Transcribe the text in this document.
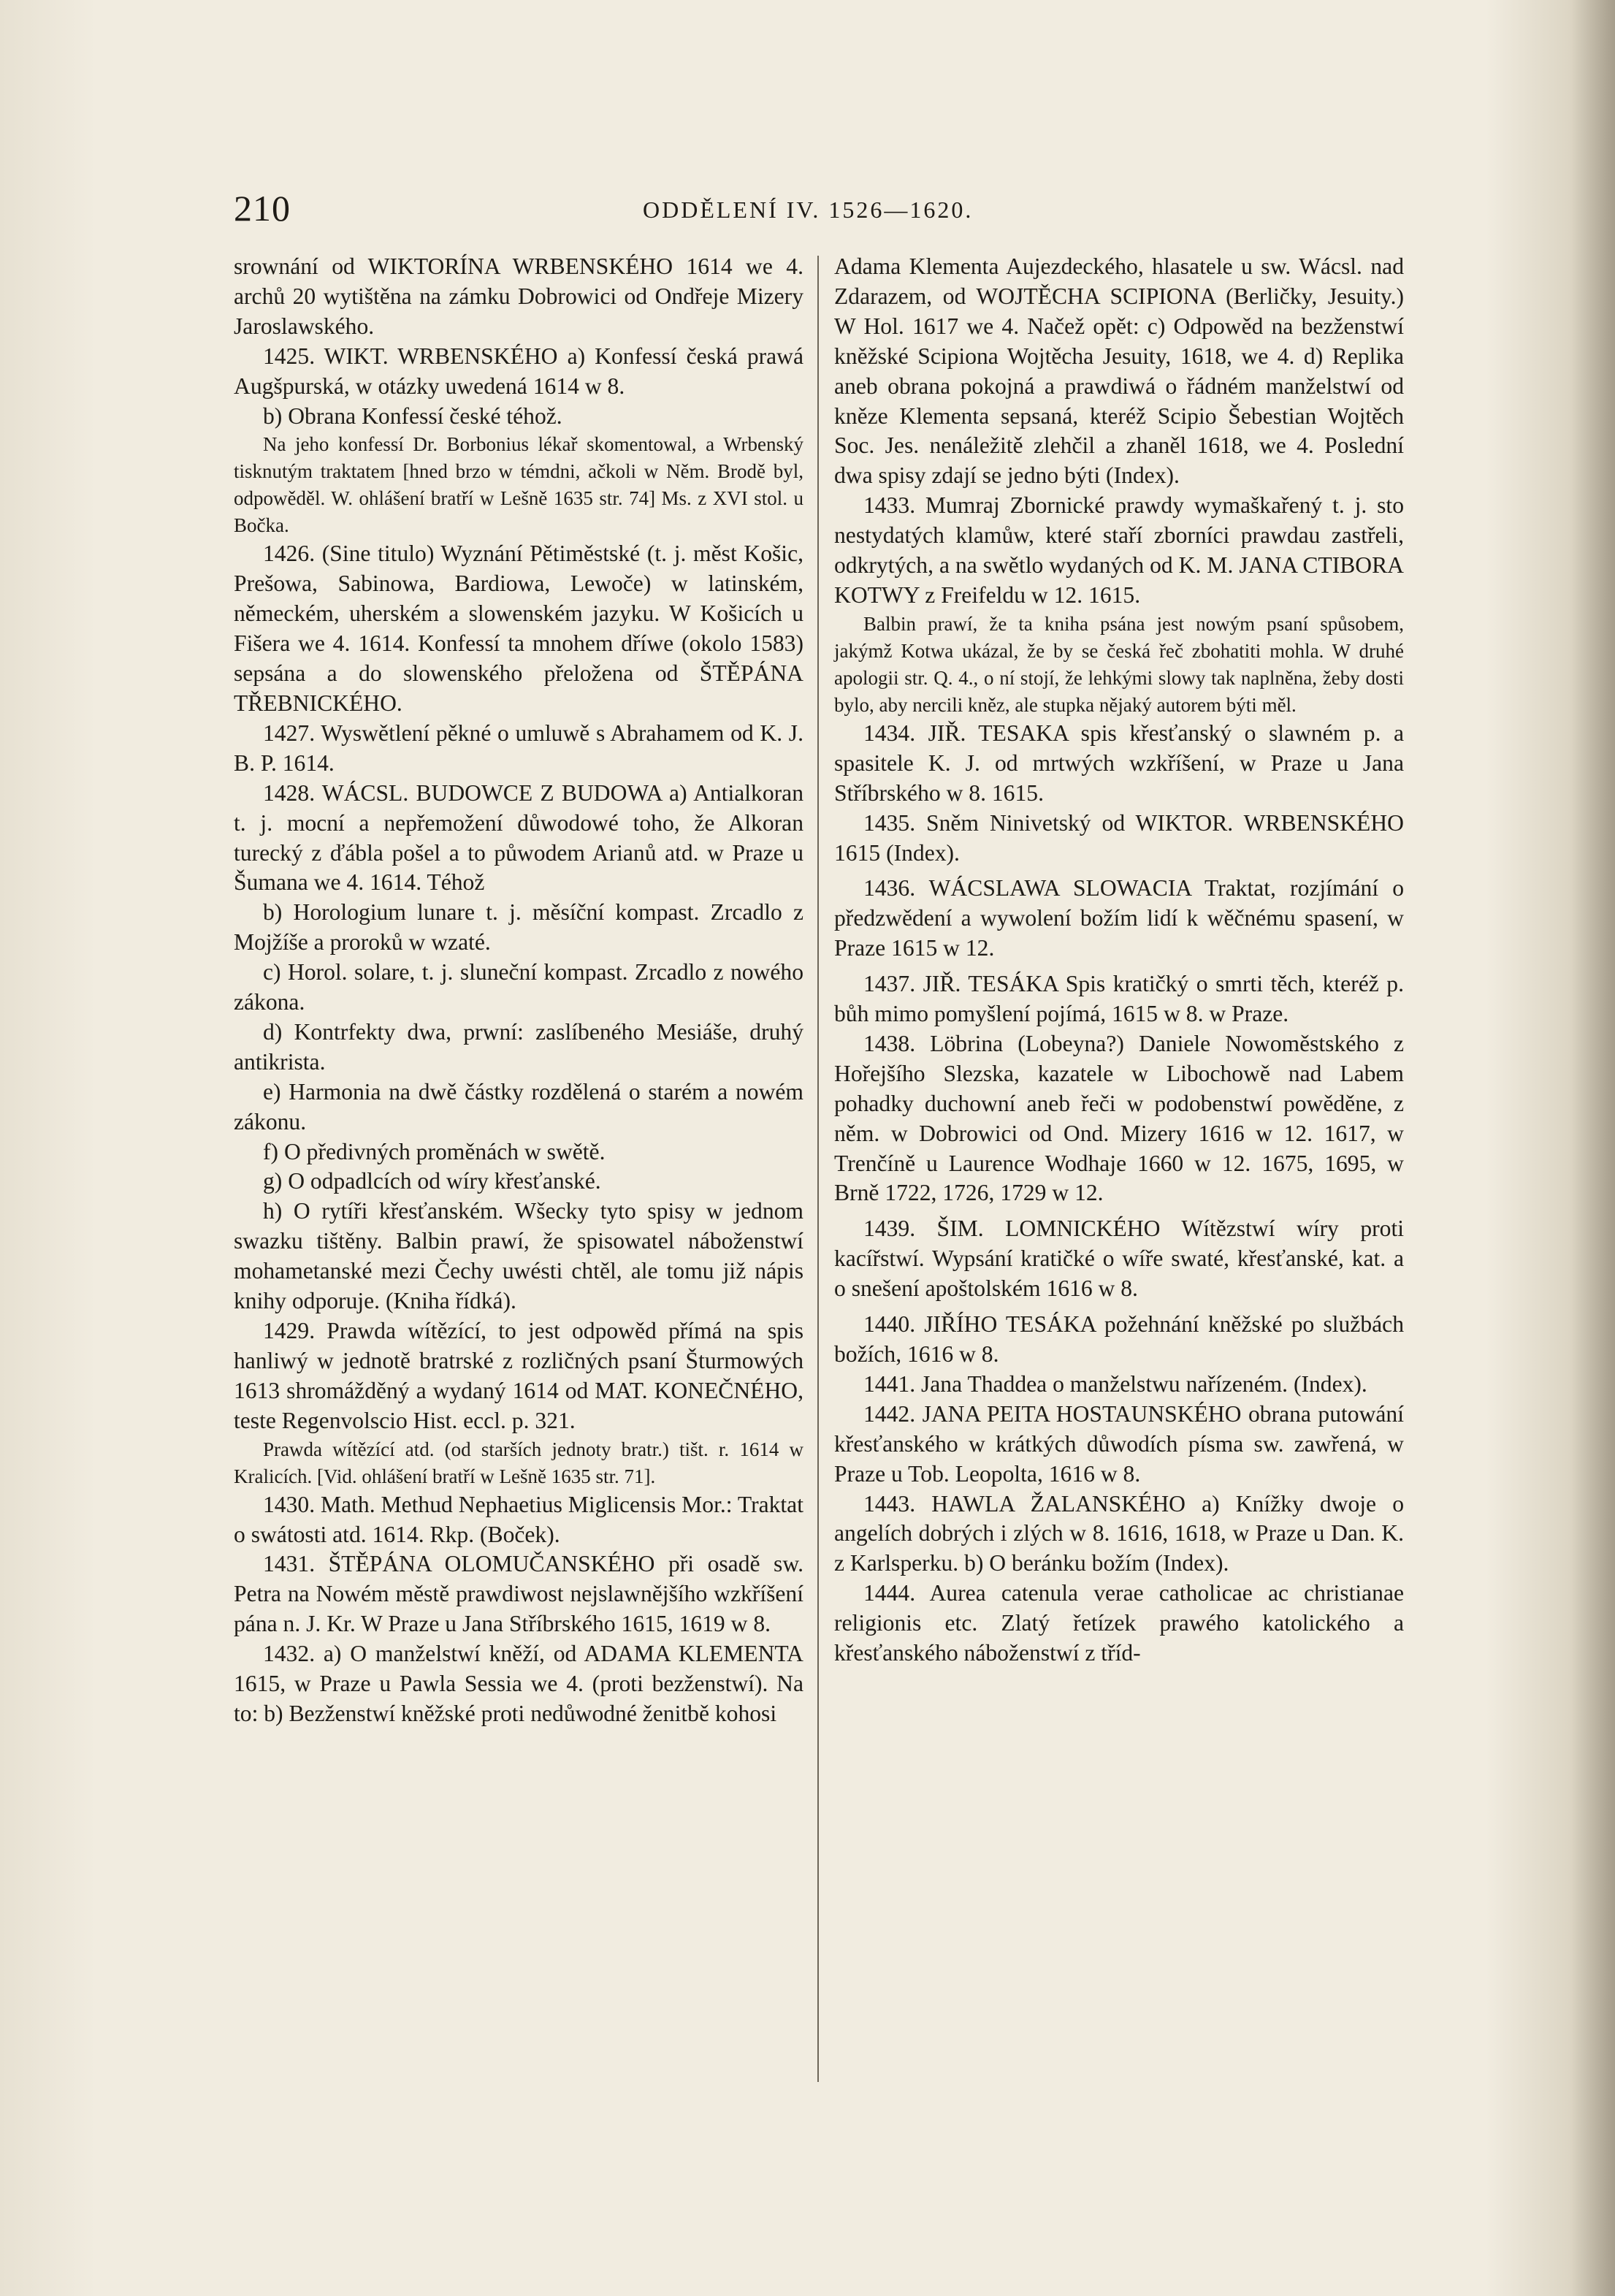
210	ODDĚLENÍ IV. 1526—1620.

srownání od WIKTORÍNA WRBENSKÉHO 1614 we 4. archů 20 wytištěna na zámku Dobrowici od Ondřeje Mizery Jaroslawského.

1425. WIKT. WRBENSKÉHO a) Konfessí česká prawá Augšpurská, w otázky uwedená 1614 w 8.

b) Obrana Konfessí české téhož.

Na jeho konfessí Dr. Borbonius lékař skomentowal, a Wrbenský tisknutým traktatem [hned brzo w témdni, ačkoli w Něm. Brodě byl, odpowěděl. W. ohlášení bratří w Lešně 1635 str. 74] Ms. z XVI stol. u Bočka.

1426. (Sine titulo) Wyznání Pětiměstské (t. j. měst Košic, Prešowa, Sabinowa, Bardiowa, Lewoče) w latinském, německém, uherském a slowenském jazyku. W Košicích u Fišera we 4. 1614. Konfessí ta mnohem dříwe (okolo 1583) sepsána a do slowenského přeložena od ŠTĚPÁNA TŘEBNICKÉHO.

1427. Wyswětlení pěkné o umluwě s Abrahamem od K. J. B. P. 1614.

1428. WÁCSL. BUDOWCE Z BUDOWA a) Antialkoran t. j. mocní a nepřemožení důwodowé toho, že Alkoran turecký z ďábla pošel a to půwodem Arianů atd. w Praze u Šumana we 4. 1614. Téhož

b) Horologium lunare t. j. měsíční kompast. Zrcadlo z Mojžíše a proroků w wzaté.

c) Horol. solare, t. j. sluneční kompast. Zrcadlo z nowého zákona.

d) Kontrfekty dwa, prwní: zaslíbeného Mesiáše, druhý antikrista.

e) Harmonia na dwě částky rozdělená o starém a nowém zákonu.

f) O předivných proměnách w swětě.

g) O odpadlcích od wíry křesťanské.

h) O rytíři křesťanském. Wšecky tyto spisy w jednom swazku tištěny. Balbin prawí, že spisowatel náboženstwí mohametanské mezi Čechy uwésti chtěl, ale tomu již nápis knihy odporuje. (Kniha řídká).

1429. Prawda wítězící, to jest odpowěd přímá na spis hanliwý w jednotě bratrské z rozličných psaní Šturmowých 1613 shromážděný a wydaný 1614 od MAT. KONEČNÉHO, teste Regenvolscio Hist. eccl. p. 321.

Prawda wítězící atd. (od starších jednoty bratr.) tišt. r. 1614 w Kralicích. [Vid. ohlášení bratří w Lešně 1635 str. 71].

1430. Math. Methud Nephaetius Miglicensis Mor.: Traktat o swátosti atd. 1614. Rkp. (Boček).

1431. ŠTĚPÁNA OLOMUČANSKÉHO při osadě sw. Petra na Nowém městě prawdiwost nejslawnějšího wzkříšení pána n. J. Kr. W Praze u Jana Stříbrského 1615, 1619 w 8.

1432. a) O manželstwí kněží, od ADAMA KLEMENTA 1615, w Praze u Pawla Sessia we 4. (proti bezženstwí). Na to: b) Bezženstwí kněžské proti nedůwodné ženitbě kohosi

Adama Klementa Aujezdeckého, hlasatele u sw. Wácsl. nad Zdarazem, od WOJTĚCHA SCIPIONA (Berličky, Jesuity.) W Hol. 1617 we 4. Načež opět: c) Odpowěd na bezženstwí kněžské Scipiona Wojtěcha Jesuity, 1618, we 4. d) Replika aneb obrana pokojná a prawdiwá o řádném manželstwí od kněze Klementa sepsaná, kteréž Scipio Šebestian Wojtěch Soc. Jes. nenáležitě zlehčil a zhaněl 1618, we 4. Poslední dwa spisy zdají se jedno býti (Index).

1433. Mumraj Zbornické prawdy wymaškařený t. j. sto nestydatých klamůw, které staří zborníci prawdau zastřeli, odkrytých, a na swětlo wydaných od K. M. JANA CTIBORA KOTWY z Freifeldu w 12. 1615.

Balbin prawí, že ta kniha psána jest nowým psaní spůsobem, jakýmž Kotwa ukázal, že by se česká řeč zbohatiti mohla. W druhé apologii str. Q. 4., o ní stojí, že lehkými slowy tak naplněna, žeby dosti bylo, aby nercili kněz, ale stupka nějaký autorem býti měl.

1434. JIŘ. TESAKA spis křesťanský o slawném p. a spasitele K. J. od mrtwých wzkříšení, w Praze u Jana Stříbrského w 8. 1615.

1435. Sněm Ninivetský od WIKTOR. WRBENSKÉHO 1615 (Index).

1436. WÁCSLAWA SLOWACIA Traktat, rozjímání o předzwědení a wywolení božím lidí k wěčnému spasení, w Praze 1615 w 12.

1437. JIŘ. TESÁKA Spis kratičký o smrti těch, kteréž p. bůh mimo pomyšlení pojímá, 1615 w 8. w Praze.

1438. Löbrina (Lobeyna?) Daniele Nowoměstského z Hořejšího Slezska, kazatele w Libochowě nad Labem pohadky duchowní aneb řeči w podobenstwí powěděne, z něm. w Dobrowici od Ond. Mizery 1616 w 12. 1617, w Trenčíně u Laurence Wodhaje 1660 w 12. 1675, 1695, w Brně 1722, 1726, 1729 w 12.

1439. ŠIM. LOMNICKÉHO Wítězstwí wíry proti kacířstwí. Wypsání kratičké o wíře swaté, křesťanské, kat. a o snešení apoštolském 1616 w 8.

1440. JIŘÍHO TESÁKA požehnání kněžské po službách božích, 1616 w 8.

1441. Jana Thaddea o manželstwu nařízeném. (Index).

1442. JANA PEITA HOSTAUNSKÉHO obrana putowání křesťanského w krátkých důwodích písma sw. zawřená, w Praze u Tob. Leopolta, 1616 w 8.

1443. HAWLA ŽALANSKÉHO a) Knížky dwoje o angelích dobrých i zlých w 8. 1616, 1618, w Praze u Dan. K. z Karlsperku. b) O beránku božím (Index).

1444. Aurea catenula verae catholicae ac christianae religionis etc. Zlatý řetízek prawého katolického a křesťanského náboženstwí z tříd-
